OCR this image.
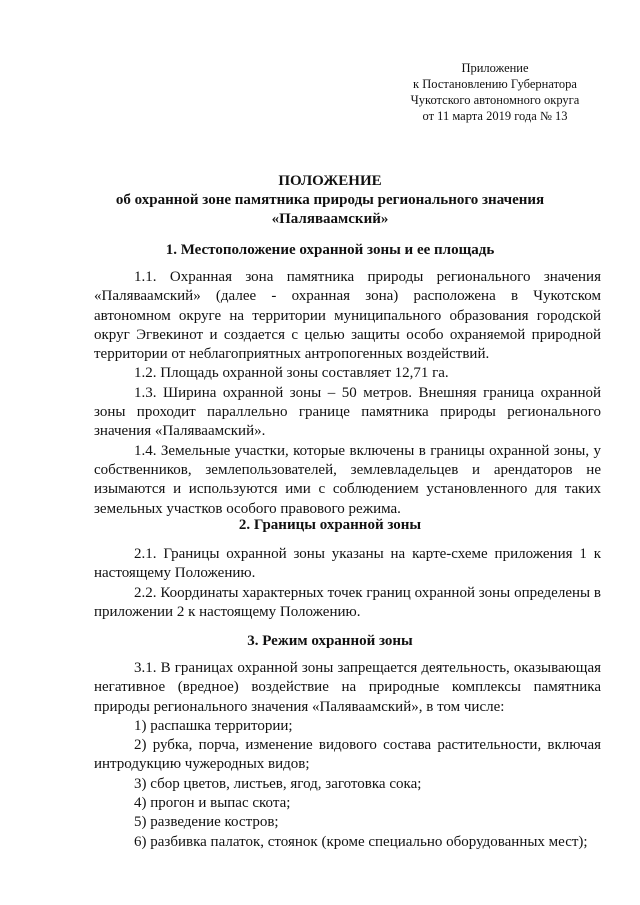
Приложение
к Постановлению Губернатора
Чукотского автономного округа
от 11 марта 2019 года № 13
ПОЛОЖЕНИЕ
об охранной зоне памятника природы регионального значения
«Паляваамский»
1. Местоположение охранной зоны и ее площадь

1.1. Охранная зона памятника природы регионального значения «Паляваамский» (далее - охранная зона) расположена в Чукотском автономном округе на территории муниципального образования городской округ Эгвекинот и создается с целью защиты особо охраняемой природной территории от неблагоприятных антропогенных воздействий.

1.2. Площадь охранной зоны составляет 12,71 га.

1.3. Ширина охранной зоны – 50 метров. Внешняя граница охранной зоны проходит параллельно границе памятника природы регионального значения «Паляваамский».

1.4. Земельные участки, которые включены в границы охранной зоны, у собственников, землепользователей, землевладельцев и арендаторов не изымаются и используются ими с соблюдением установленного для таких земельных участков особого правового режима.

2. Границы охранной зоны

2.1. Границы охранной зоны указаны на карте-схеме приложения 1 к настоящему Положению.

2.2. Координаты характерных точек границ охранной зоны определены в приложении 2 к настоящему Положению.

3. Режим охранной зоны

3.1. В границах охранной зоны запрещается деятельность, оказывающая негативное (вредное) воздействие на природные комплексы памятника природы регионального значения «Паляваамский», в том числе:

1) распашка территории;

2) рубка, порча, изменение видового состава растительности, включая интродукцию чужеродных видов;

3) сбор цветов, листьев, ягод, заготовка сока;

4) прогон и выпас скота;

5) разведение костров;

6) разбивка палаток, стоянок (кроме специально оборудованных мест);
